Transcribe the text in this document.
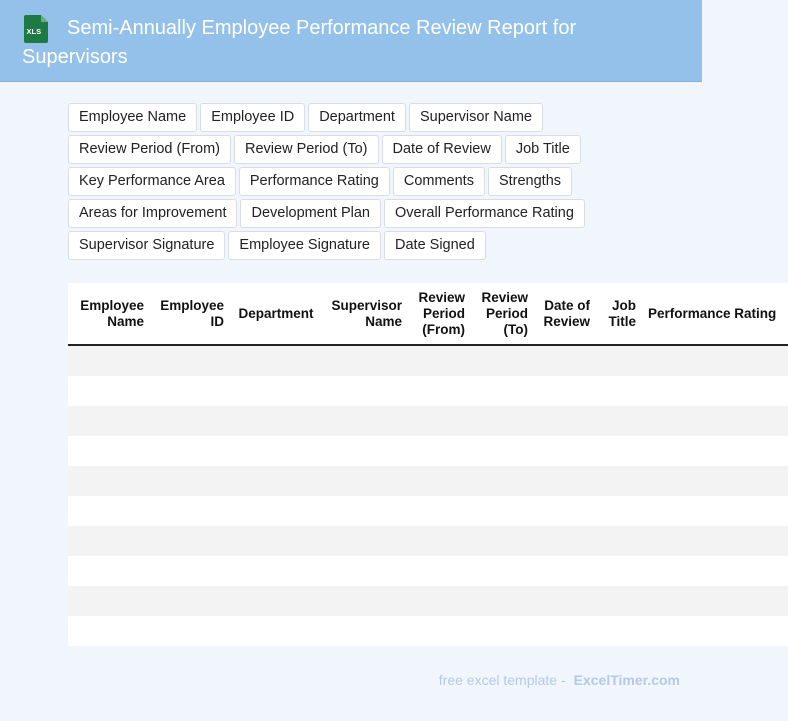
XLS	Semi-Annually Employee Performance Review Report for Supervisors
Employee Name Employee ID Department Supervisor Name
Review Period (From) Review Period (To) Date of Review Job Title
Key Performance Area Performance Rating Comments Strengths
Areas for Improvement Development Plan Overall Performance Rating
Supervisor Signature Employee Signature Date Signed
Employee Name	Employee ID	Department	Supervisor Name	Review Period (From)	Review Period (To)	Date of Review	Job Title	Performance Rating

free excel template - ExcelTimer.com
